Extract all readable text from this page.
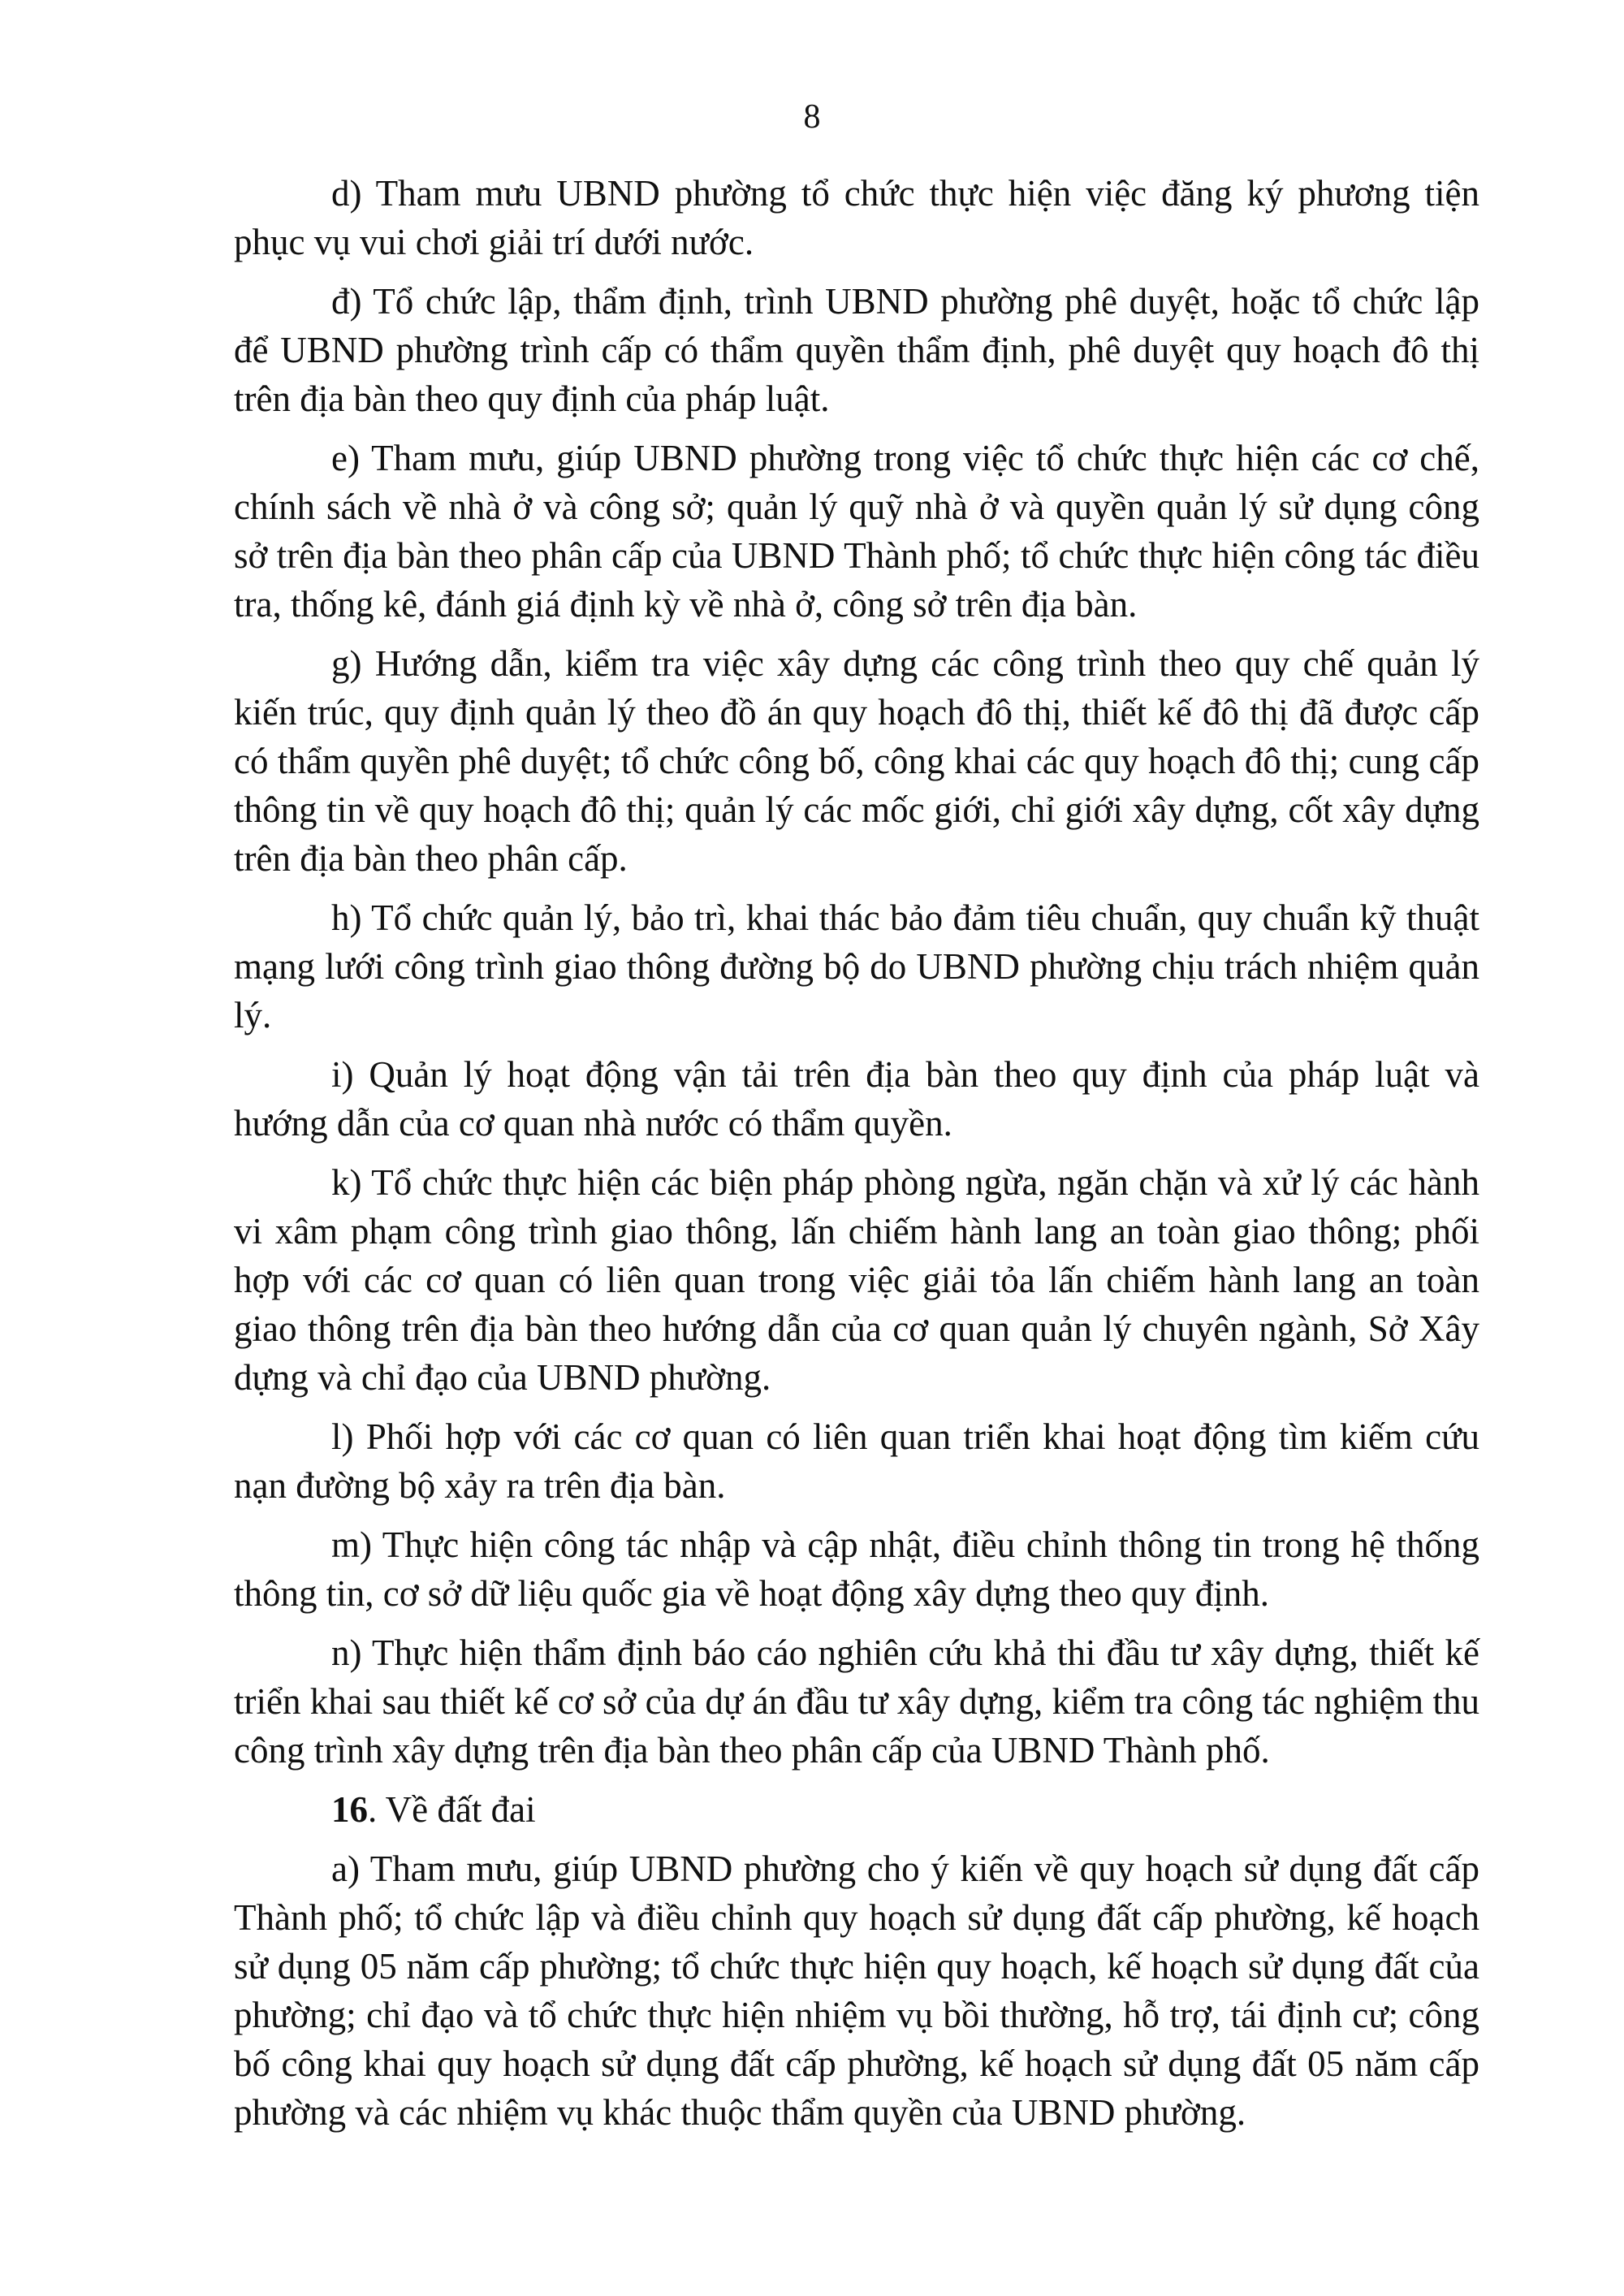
8

d) Tham mưu UBND phường tổ chức thực hiện việc đăng ký phương tiện phục vụ vui chơi giải trí dưới nước.

đ) Tổ chức lập, thẩm định, trình UBND phường phê duyệt, hoặc tổ chức lập để UBND phường trình cấp có thẩm quyền thẩm định, phê duyệt quy hoạch đô thị trên địa bàn theo quy định của pháp luật.

e) Tham mưu, giúp UBND phường trong việc tổ chức thực hiện các cơ chế, chính sách về nhà ở và công sở; quản lý quỹ nhà ở và quyền quản lý sử dụng công sở trên địa bàn theo phân cấp của UBND Thành phố; tổ chức thực hiện công tác điều tra, thống kê, đánh giá định kỳ về nhà ở, công sở trên địa bàn.

g) Hướng dẫn, kiểm tra việc xây dựng các công trình theo quy chế quản lý kiến trúc, quy định quản lý theo đồ án quy hoạch đô thị, thiết kế đô thị đã được cấp có thẩm quyền phê duyệt; tổ chức công bố, công khai các quy hoạch đô thị; cung cấp thông tin về quy hoạch đô thị; quản lý các mốc giới, chỉ giới xây dựng, cốt xây dựng trên địa bàn theo phân cấp.

h) Tổ chức quản lý, bảo trì, khai thác bảo đảm tiêu chuẩn, quy chuẩn kỹ thuật mạng lưới công trình giao thông đường bộ do UBND phường chịu trách nhiệm quản lý.

i) Quản lý hoạt động vận tải trên địa bàn theo quy định của pháp luật và hướng dẫn của cơ quan nhà nước có thẩm quyền.

k) Tổ chức thực hiện các biện pháp phòng ngừa, ngăn chặn và xử lý các hành vi xâm phạm công trình giao thông, lấn chiếm hành lang an toàn giao thông; phối hợp với các cơ quan có liên quan trong việc giải tỏa lấn chiếm hành lang an toàn giao thông trên địa bàn theo hướng dẫn của cơ quan quản lý chuyên ngành, Sở Xây dựng và chỉ đạo của UBND phường.

l) Phối hợp với các cơ quan có liên quan triển khai hoạt động tìm kiếm cứu nạn đường bộ xảy ra trên địa bàn.

m) Thực hiện công tác nhập và cập nhật, điều chỉnh thông tin trong hệ thống thông tin, cơ sở dữ liệu quốc gia về hoạt động xây dựng theo quy định.

n) Thực hiện thẩm định báo cáo nghiên cứu khả thi đầu tư xây dựng, thiết kế triển khai sau thiết kế cơ sở của dự án đầu tư xây dựng, kiểm tra công tác nghiệm thu công trình xây dựng trên địa bàn theo phân cấp của UBND Thành phố.

16. Về đất đai

a) Tham mưu, giúp UBND phường cho ý kiến về quy hoạch sử dụng đất cấp Thành phố; tổ chức lập và điều chỉnh quy hoạch sử dụng đất cấp phường, kế hoạch sử dụng 05 năm cấp phường; tổ chức thực hiện quy hoạch, kế hoạch sử dụng đất của phường; chỉ đạo và tổ chức thực hiện nhiệm vụ bồi thường, hỗ trợ, tái định cư; công bố công khai quy hoạch sử dụng đất cấp phường, kế hoạch sử dụng đất 05 năm cấp phường và các nhiệm vụ khác thuộc thẩm quyền của UBND phường.
